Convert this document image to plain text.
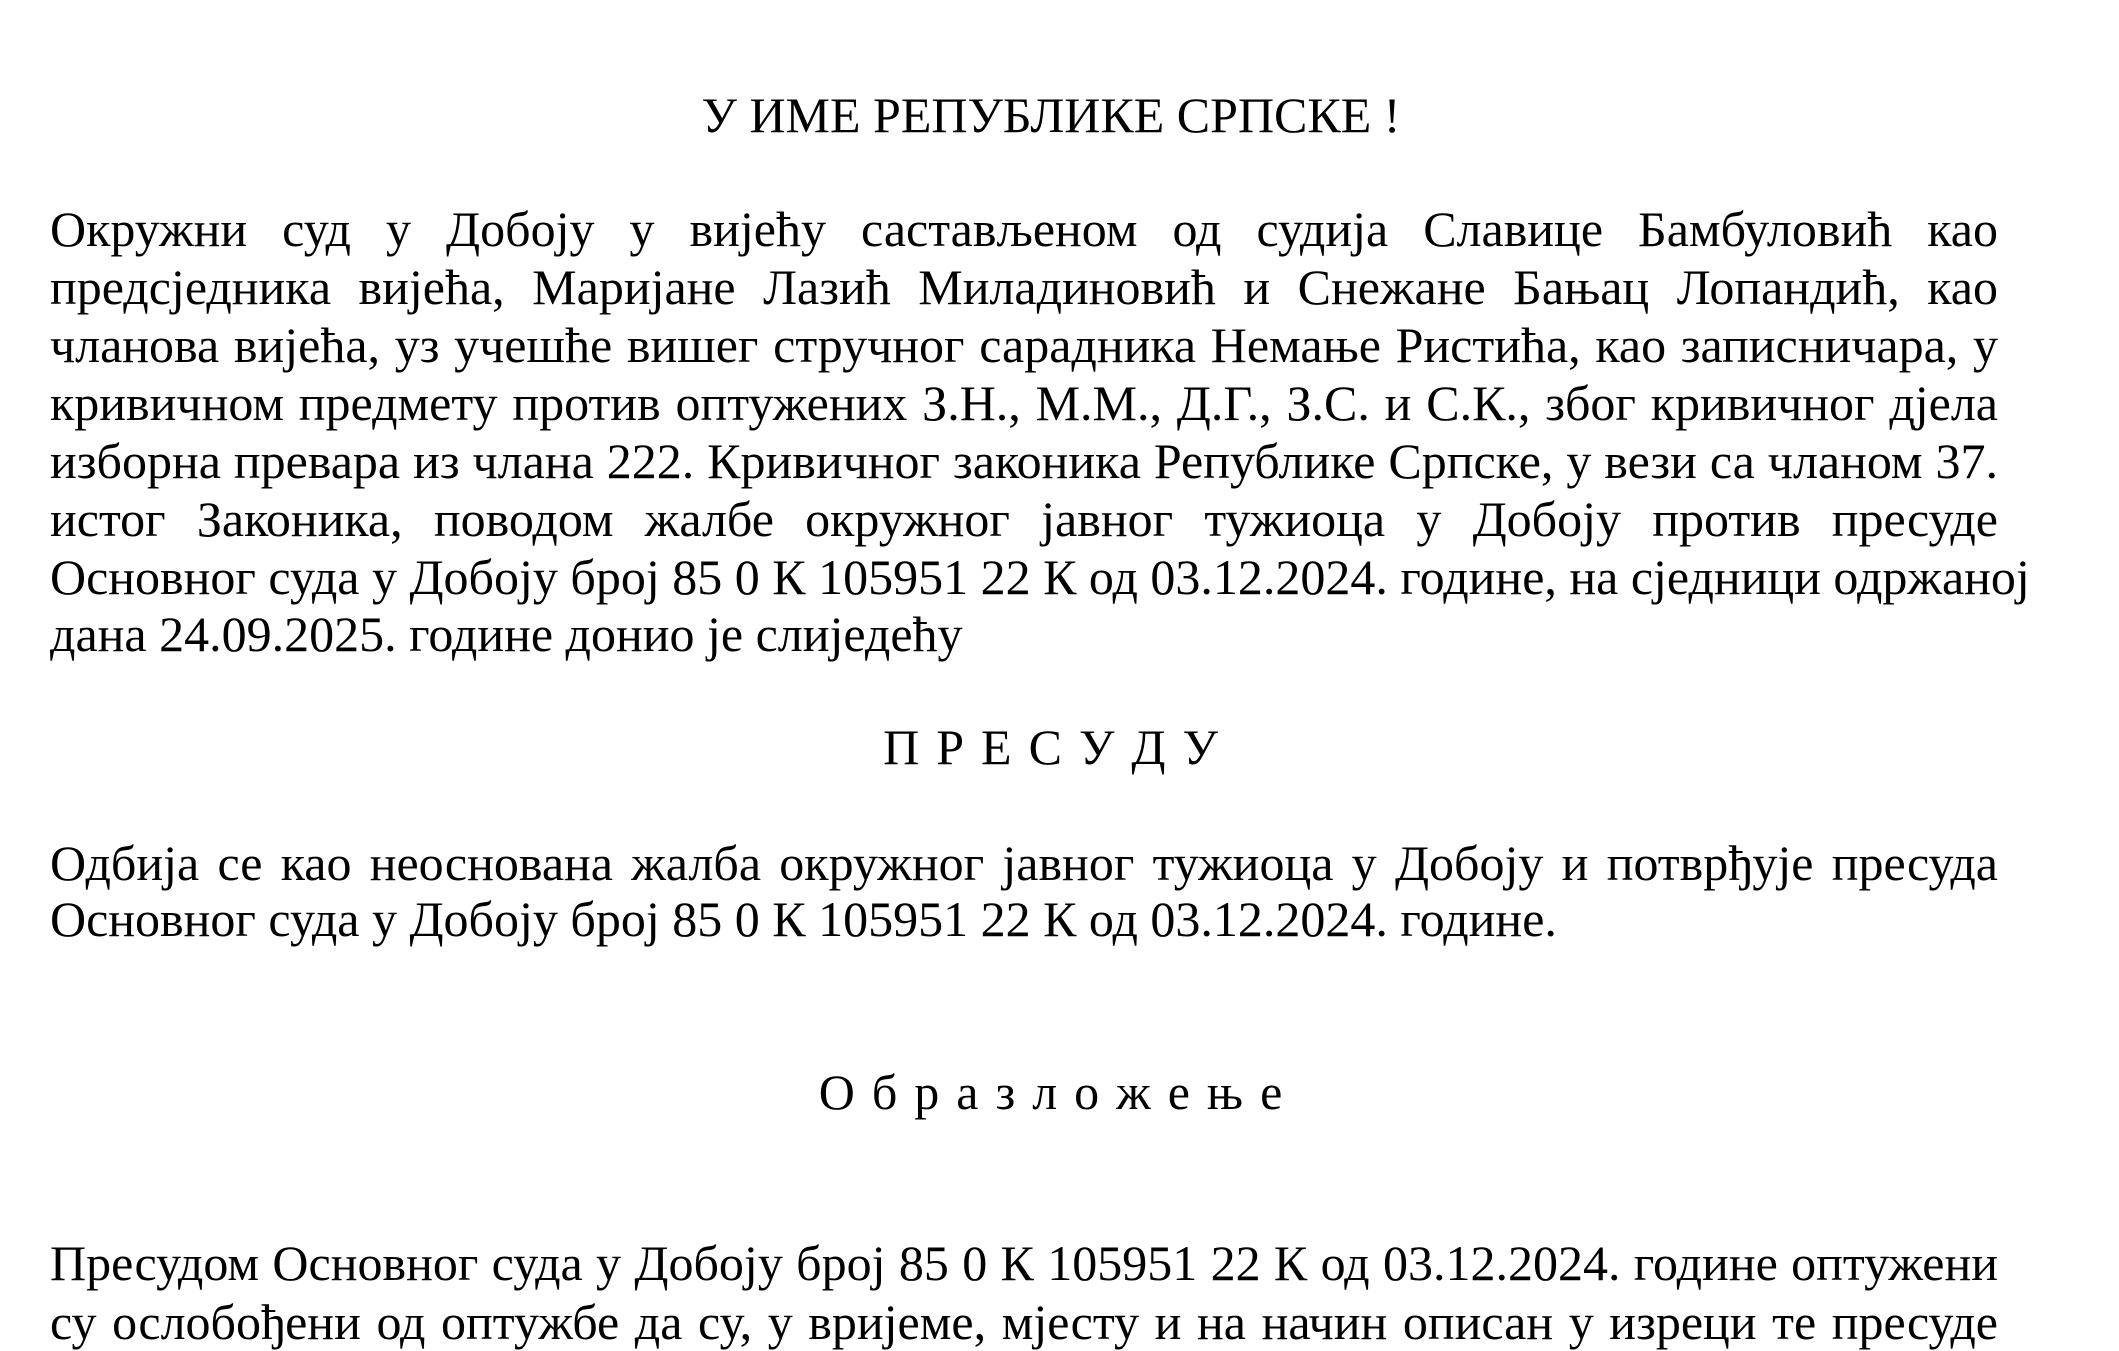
У ИМЕ РЕПУБЛИКЕ СРПСКЕ !
Окружни суд у Добоју у вијећу састављеном од судија Славице Бамбуловић као
предсједника вијећа, Маријане Лазић Миладиновић и Снежане Бањац Лопандић, као
чланова вијећа, уз учешће вишег стручног сарадника Немање Ристића, као записничара, у
кривичном предмету против оптужених З.Н., М.М., Д.Г., З.С. и С.К., због кривичног дјела
изборна превара из члана 222. Кривичног законика Републике Српске, у вези са чланом 37.
истог Законика, поводом жалбе окружног јавног тужиоца у Добоју против пресуде
Основног суда у Добоју број 85 0 К 105951 22 К од 03.12.2024. године, на сједници одржаној
дана 24.09.2025. године донио је слиједећу
П Р Е С У Д У
Одбија се као неоснована жалба окружног јавног тужиоца у Добоју и потврђује пресуда
Основног суда у Добоју број 85 0 К 105951 22 К од 03.12.2024. године.
О б р а з л о ж е њ е
Пресудом Основног суда у Добоју број 85 0 К 105951 22 К од 03.12.2024. године оптужени
су ослобођени од оптужбе да су, у вријеме, мјесту и на начин описан у изреци те пресуде
